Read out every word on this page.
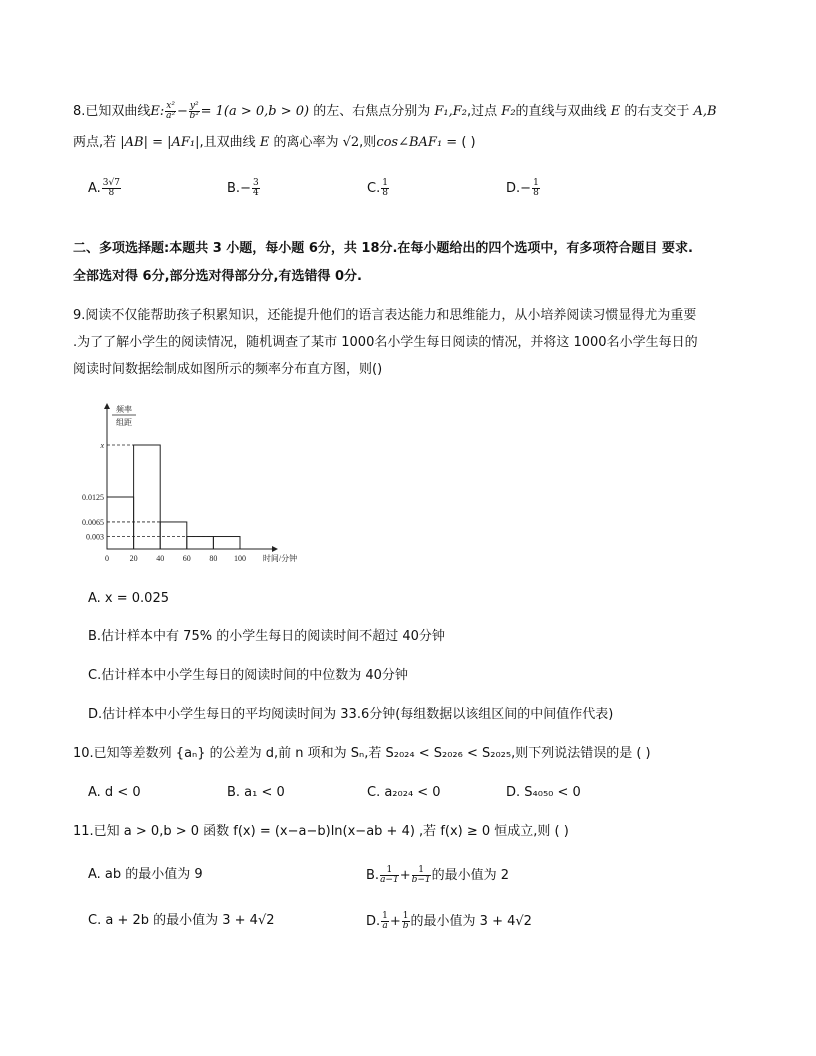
8.已知双曲线E: $\frac{\text{x²}}{\text{a²}} - \frac{\text{y²}}{\text{b²}} = 1(a > 0,b > 0)$ 的左、右焦点分别为 F₁,F₂,过点 F₂的直线与双曲线 E 的右支交于 A,B
两点,若 |AB| = |AF₁|,且双曲线 E 的离心率为 √2,则cos∠BAF₁ = ( )
A. $\frac{3√7}{8}$	$B.- \frac{3}{4}$	C. $\frac{1}{8}$	$D.- \frac{1}{8}$
二、多项选择题:本题共 3 小题，每小题 6分，共 18分.在每小题给出的四个选项中，有多项符合题目 要求.
全部选对得 6分,部分选对得部分分,有选错得 0分.
9.阅读不仅能帮助孩子积累知识，还能提升他们的语言表达能力和思维能力，从小培养阅读习惯显得尤为重要
.为了了解小学生的阅读情况，随机调查了某市 1000名小学生每日阅读的情况，并将这 1000名小学生每日的
阅读时间数据绘制成如图所示的频率分布直方图，则()
频率
组距
x
0.0125
0.0065
0.003
0	20 40 60 80 100 时间/分钟
A. x = 0.025
B.估计样本中有 75% 的小学生每日的阅读时间不超过 40分钟
C.估计样本中小学生每日的阅读时间的中位数为 40分钟
D.估计样本中小学生每日的平均阅读时间为 33.6分钟(每组数据以该组区间的中间值作代表)
10.已知等差数列 {aₙ} 的公差为 d,前 n 项和为 Sₙ,若 S₂₀₂₄ < S₂₀₂₆ < S₂₀₂₅,则下列说法错误的是 ( )
A. d < 0	B. a₁ < 0	C. a₂₀₂₄ < 0	D. S₄₀₅₀ < 0
11.已知 a > 0,b > 0 函数 f(x) = (x−a−b)ln(x−ab + 4) ,若 f(x) ≥ 0 恒成立,则 ( )
A. ab 的最小值为 9	B. $\frac{1}{a-1} + \frac{1}{b-1}$ 的最小值为 2
C. a + 2b 的最小值为 3 + 4√2	D. $\frac{1}{a} + \frac{1}{b}$ 的最小值为 3 + 4√2
